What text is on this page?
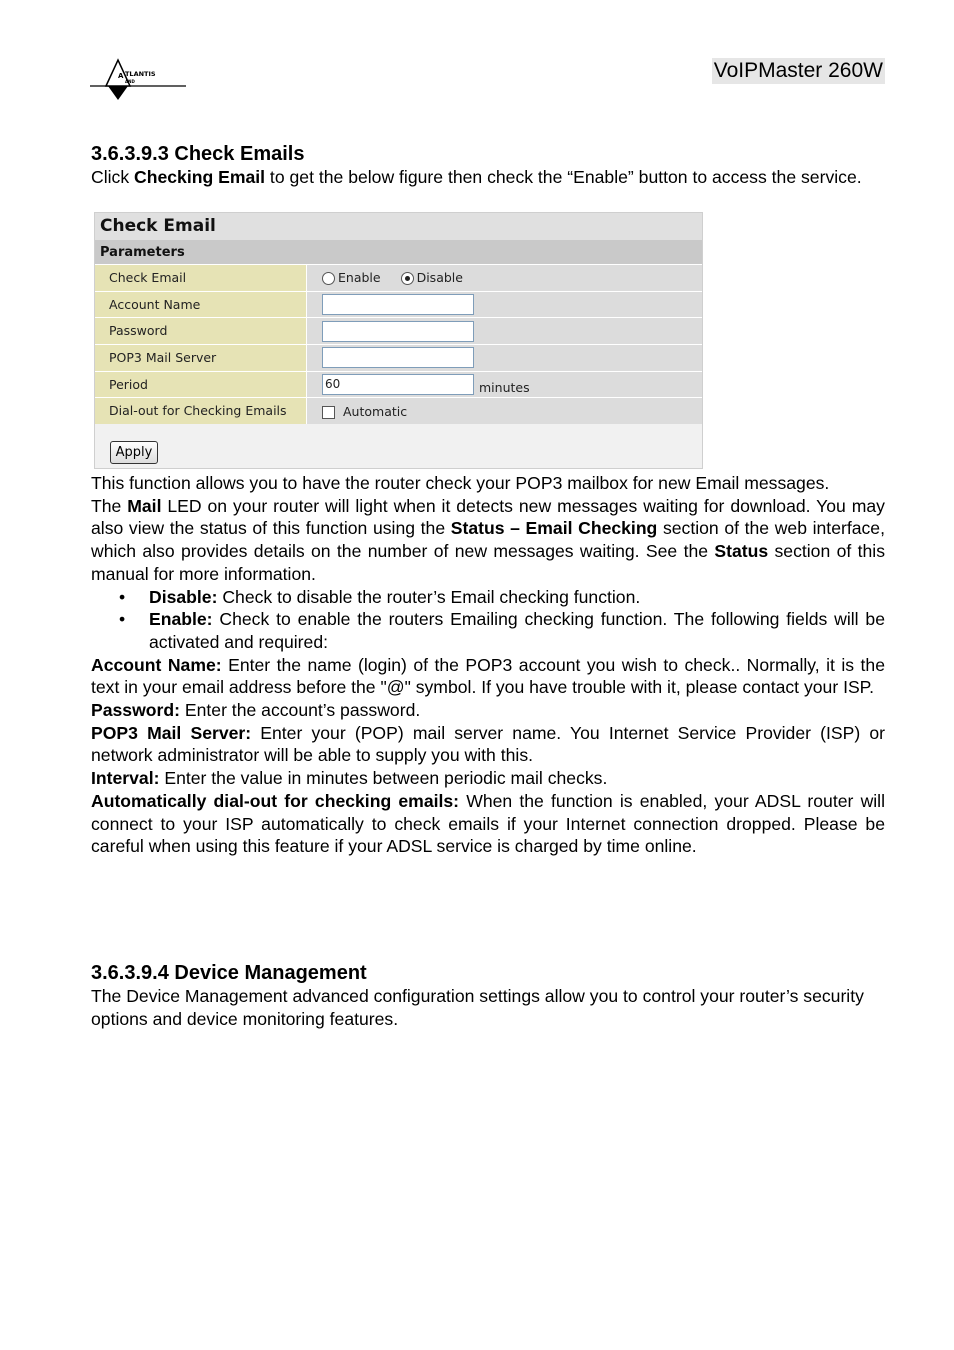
A TLANTIS
AND	VoIPMaster 260W
3.6.3.9.3 Check Emails

Click Checking Email to get the below figure then check the “Enable” button to access the service.

Check Email
Parameters
Check Email	Enable	Disable
Account Name
Password
POP3 Mail Server
Period	60	minutes
Dial-out for Checking Emails	Automatic
Apply

This function allows you to have the router check your POP3 mailbox for new Email messages.

The Mail LED on your router will light when it detects new messages waiting for download. You may also view the status of this function using the Status – Email Checking section of the web interface, which also provides details on the number of new messages waiting. See the Status section of this manual for more information.

• Disable: Check to disable the router’s Email checking function.
• Enable: Check to enable the routers Emailing checking function. The following fields will be activated and required:

Account Name: Enter the name (login) of the POP3 account you wish to check.. Normally, it is the text in your email address before the "@" symbol. If you have trouble with it, please contact your ISP.

Password: Enter the account’s password.

POP3 Mail Server: Enter your (POP) mail server name. You Internet Service Provider (ISP) or network administrator will be able to supply you with this.

Interval: Enter the value in minutes between periodic mail checks.

Automatically dial-out for checking emails: When the function is enabled, your ADSL router will connect to your ISP automatically to check emails if your Internet connection dropped. Please be careful when using this feature if your ADSL service is charged by time online.

3.6.3.9.4 Device Management

The Device Management advanced configuration settings allow you to control your router’s security options and device monitoring features.
